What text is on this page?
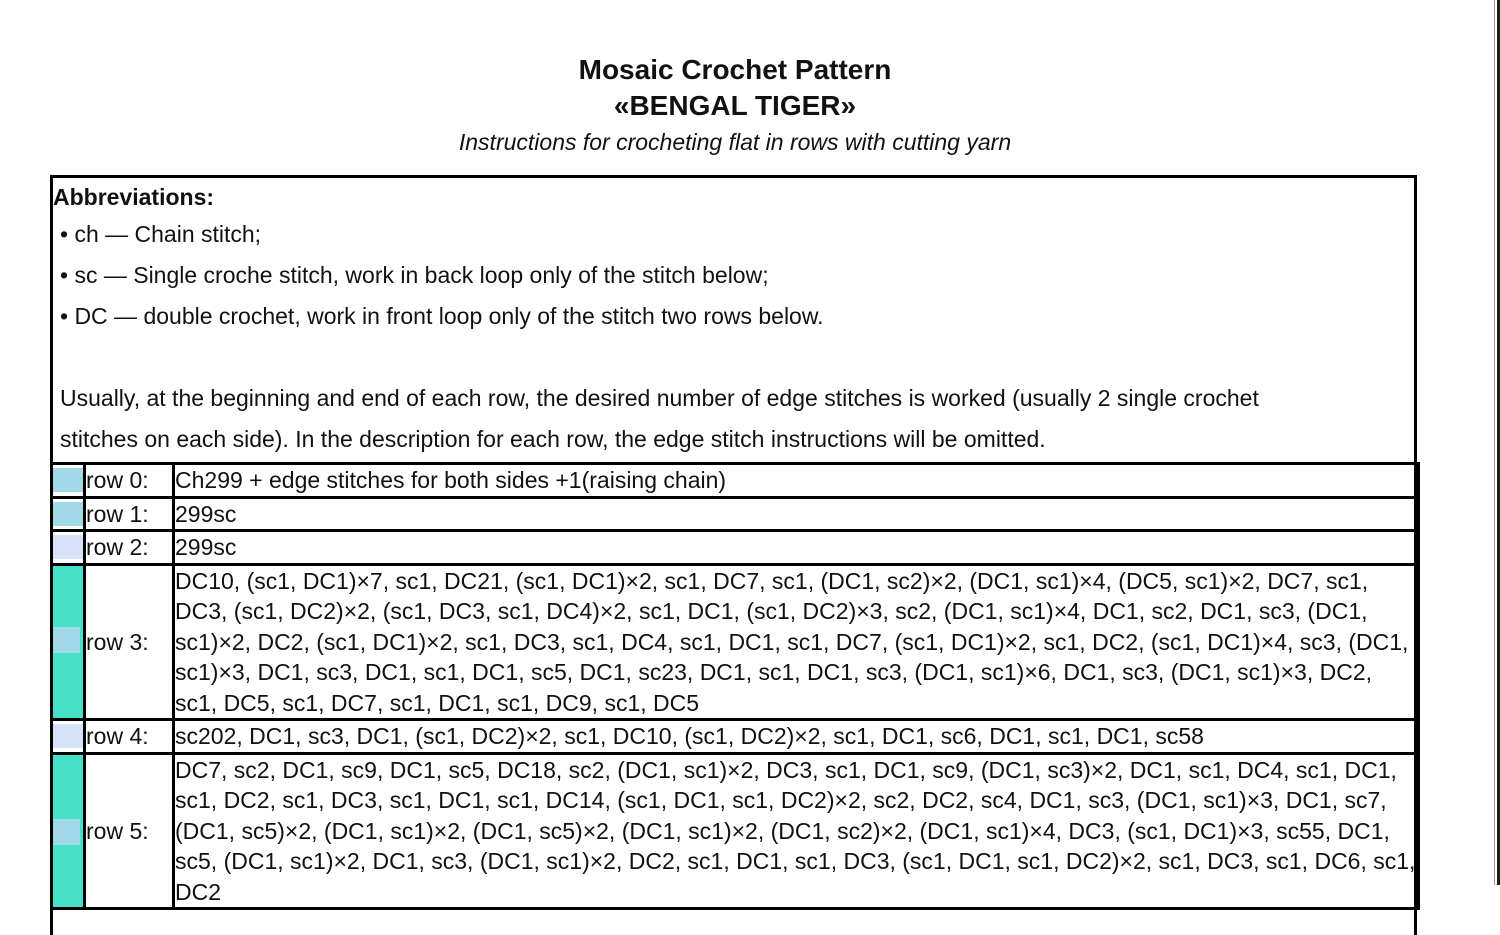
Mosaic Crochet Pattern
«BENGAL TIGER»
Instructions for crocheting flat in rows with cutting yarn
Abbreviations:
• ch — Chain stitch;
• sc — Single croche stitch, work in back loop only of the stitch below;
• DC — double crochet, work in front loop only of the stitch two rows below.
Usually, at the beginning and end of each row, the desired number of edge stitches is worked (usually 2 single crochet
stitches on each side). In the description for each row, the edge stitch instructions will be omitted.
	row 0:	Ch299 + edge stitches for both sides +1(raising chain)

	row 1:	299sc

	row 2:	299sc

	row 3:	DC10, (sc1, DC1)×7, sc1, DC21, (sc1, DC1)×2, sc1, DC7, sc1, (DC1, sc2)×2, (DC1, sc1)×4, (DC5, sc1)×2, DC7, sc1, DC3, (sc1, DC2)×2, (sc1, DC3, sc1, DC4)×2, sc1, DC1, (sc1, DC2)×3, sc2, (DC1, sc1)×4, DC1, sc2, DC1, sc3, (DC1, sc1)×2, DC2, (sc1, DC1)×2, sc1, DC3, sc1, DC4, sc1, DC1, sc1, DC7, (sc1, DC1)×2, sc1, DC2, (sc1, DC1)×4, sc3, (DC1, sc1)×3, DC1, sc3, DC1, sc1, DC1, sc5, DC1, sc23, DC1, sc1, DC1, sc3, (DC1, sc1)×6, DC1, sc3, (DC1, sc1)×3, DC2, sc1, DC5, sc1, DC7, sc1, DC1, sc1, DC9, sc1, DC5

	row 4:	sc202, DC1, sc3, DC1, (sc1, DC2)×2, sc1, DC10, (sc1, DC2)×2, sc1, DC1, sc6, DC1, sc1, DC1, sc58

	row 5:	DC7, sc2, DC1, sc9, DC1, sc5, DC18, sc2, (DC1, sc1)×2, DC3, sc1, DC1, sc9, (DC1, sc3)×2, DC1, sc1, DC4, sc1, DC1, sc1, DC2, sc1, DC3, sc1, DC1, sc1, DC14, (sc1, DC1, sc1, DC2)×2, sc2, DC2, sc4, DC1, sc3, (DC1, sc1)×3, DC1, sc7, (DC1, sc5)×2, (DC1, sc1)×2, (DC1, sc5)×2, (DC1, sc1)×2, (DC1, sc2)×2, (DC1, sc1)×4, DC3, (sc1, DC1)×3, sc55, DC1, sc5, (DC1, sc1)×2, DC1, sc3, (DC1, sc1)×2, DC2, sc1, DC1, sc1, DC3, (sc1, DC1, sc1, DC2)×2, sc1, DC3, sc1, DC6, sc1, DC2
